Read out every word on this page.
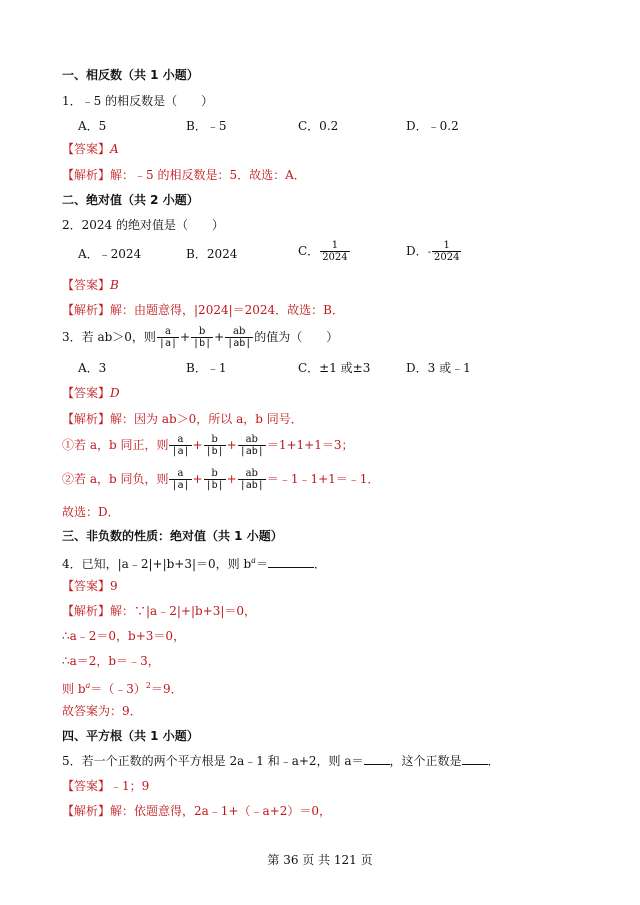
一、相反数（共 1 小题）
1．﹣5 的相反数是（　　）
A．5	B．﹣5	C．0.2	D．﹣0.2
【答案】A
【解析】解：﹣5 的相反数是：5．故选：A．
二、绝对值（共 2 小题）
2．2024 的绝对值是（　　）
A．﹣2024	B．2024	C． $\frac{1}{2024}$	D．- $\frac{1}{2024}$
【答案】B
【解析】解：由题意得，|2024|＝2024．故选：B．
3．若 ab＞0，则 $\frac{a}{|a|} + \frac{b}{|b|} + \frac{ab}{|ab|}$ 的值为（　　）
A．3	B．﹣1	C．±1 或±3	D．3 或﹣1
【答案】D
【解析】解：因为 ab＞0，所以 a，b 同号．
①若 a，b 同正，则 $\frac{a}{|a|} + \frac{b}{|b|} + \frac{ab}{|ab|} =1+1+1=3$；
②若 a，b 同负，则 $\frac{a}{|a|} + \frac{b}{|b|} + \frac{ab}{|ab|}$ ＝﹣1﹣1+1＝﹣1．
故选：D．
三、非负数的性质：绝对值（共 1 小题）
4．已知，|a﹣2|+|b+3|＝0，则 $b^a=$	．
【答案】9
【解析】解：∵|a﹣2|+|b+3|＝0，
∴a﹣2＝0，b+3＝0，
∴a＝2，b＝﹣3，
则 $b^a=(﹣3)^2=9$．
故答案为：9．
四、平方根（共 1 小题）
5．若一个正数的两个平方根是 2a﹣1 和﹣a+2，则 a＝ ，这个正数是 ．
【答案】﹣1；9
【解析】解：依题意得，2a﹣1+（﹣a+2）＝0，
第 36 页 共 121 页
